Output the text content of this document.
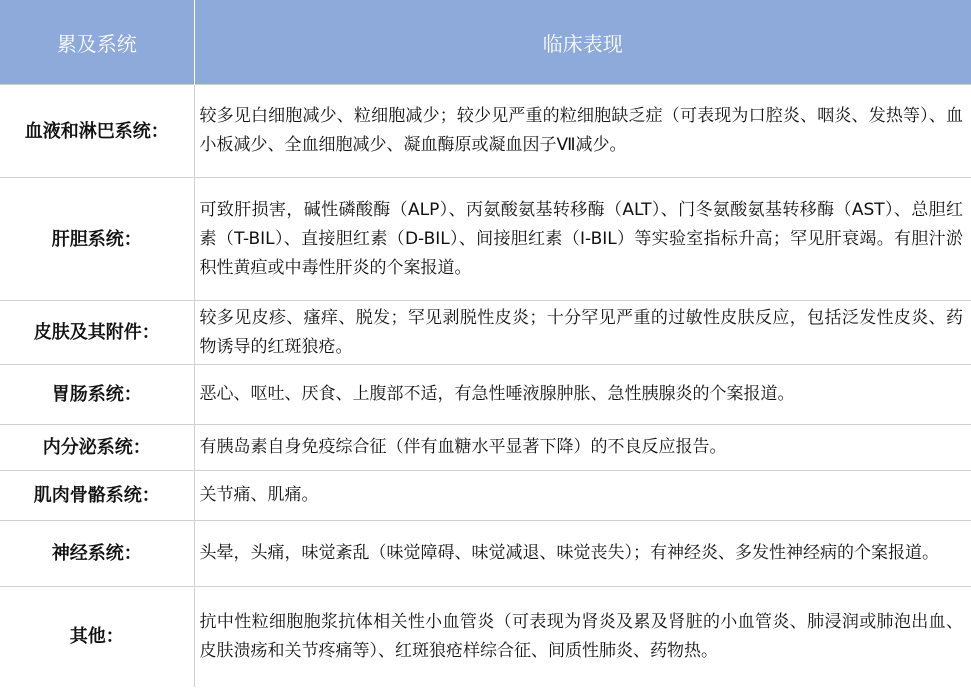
累及系统	临床表现
血液和淋巴系统：	较多见白细胞减少、粒细胞减少；较少见严重的粒细胞缺乏症（可表现为口腔炎、咽炎、发热等）、血小板减少、全血细胞减少、凝血酶原或凝血因子Ⅶ减少。
肝胆系统：	可致肝损害，碱性磷酸酶（ALP）、丙氨酸氨基转移酶（ALT）、门冬氨酸氨基转移酶（AST）、总胆红素（T-BIL）、直接胆红素（D-BIL）、间接胆红素（I-BIL）等实验室指标升高；罕见肝衰竭。有胆汁淤积性黄疸或中毒性肝炎的个案报道。
皮肤及其附件：	较多见皮疹、瘙痒、脱发；罕见剥脱性皮炎；十分罕见严重的过敏性皮肤反应，包括泛发性皮炎、药物诱导的红斑狼疮。
胃肠系统：	恶心、呕吐、厌食、上腹部不适，有急性唾液腺肿胀、急性胰腺炎的个案报道。
内分泌系统：	有胰岛素自身免疫综合征（伴有血糖水平显著下降）的不良反应报告。
肌肉骨骼系统：	关节痛、肌痛。
神经系统：	头晕，头痛，味觉紊乱（味觉障碍、味觉减退、味觉丧失）；有神经炎、多发性神经病的个案报道。
其他：	抗中性粒细胞胞浆抗体相关性小血管炎（可表现为肾炎及累及肾脏的小血管炎、肺浸润或肺泡出血、皮肤溃疡和关节疼痛等）、红斑狼疮样综合征、间质性肺炎、药物热。
